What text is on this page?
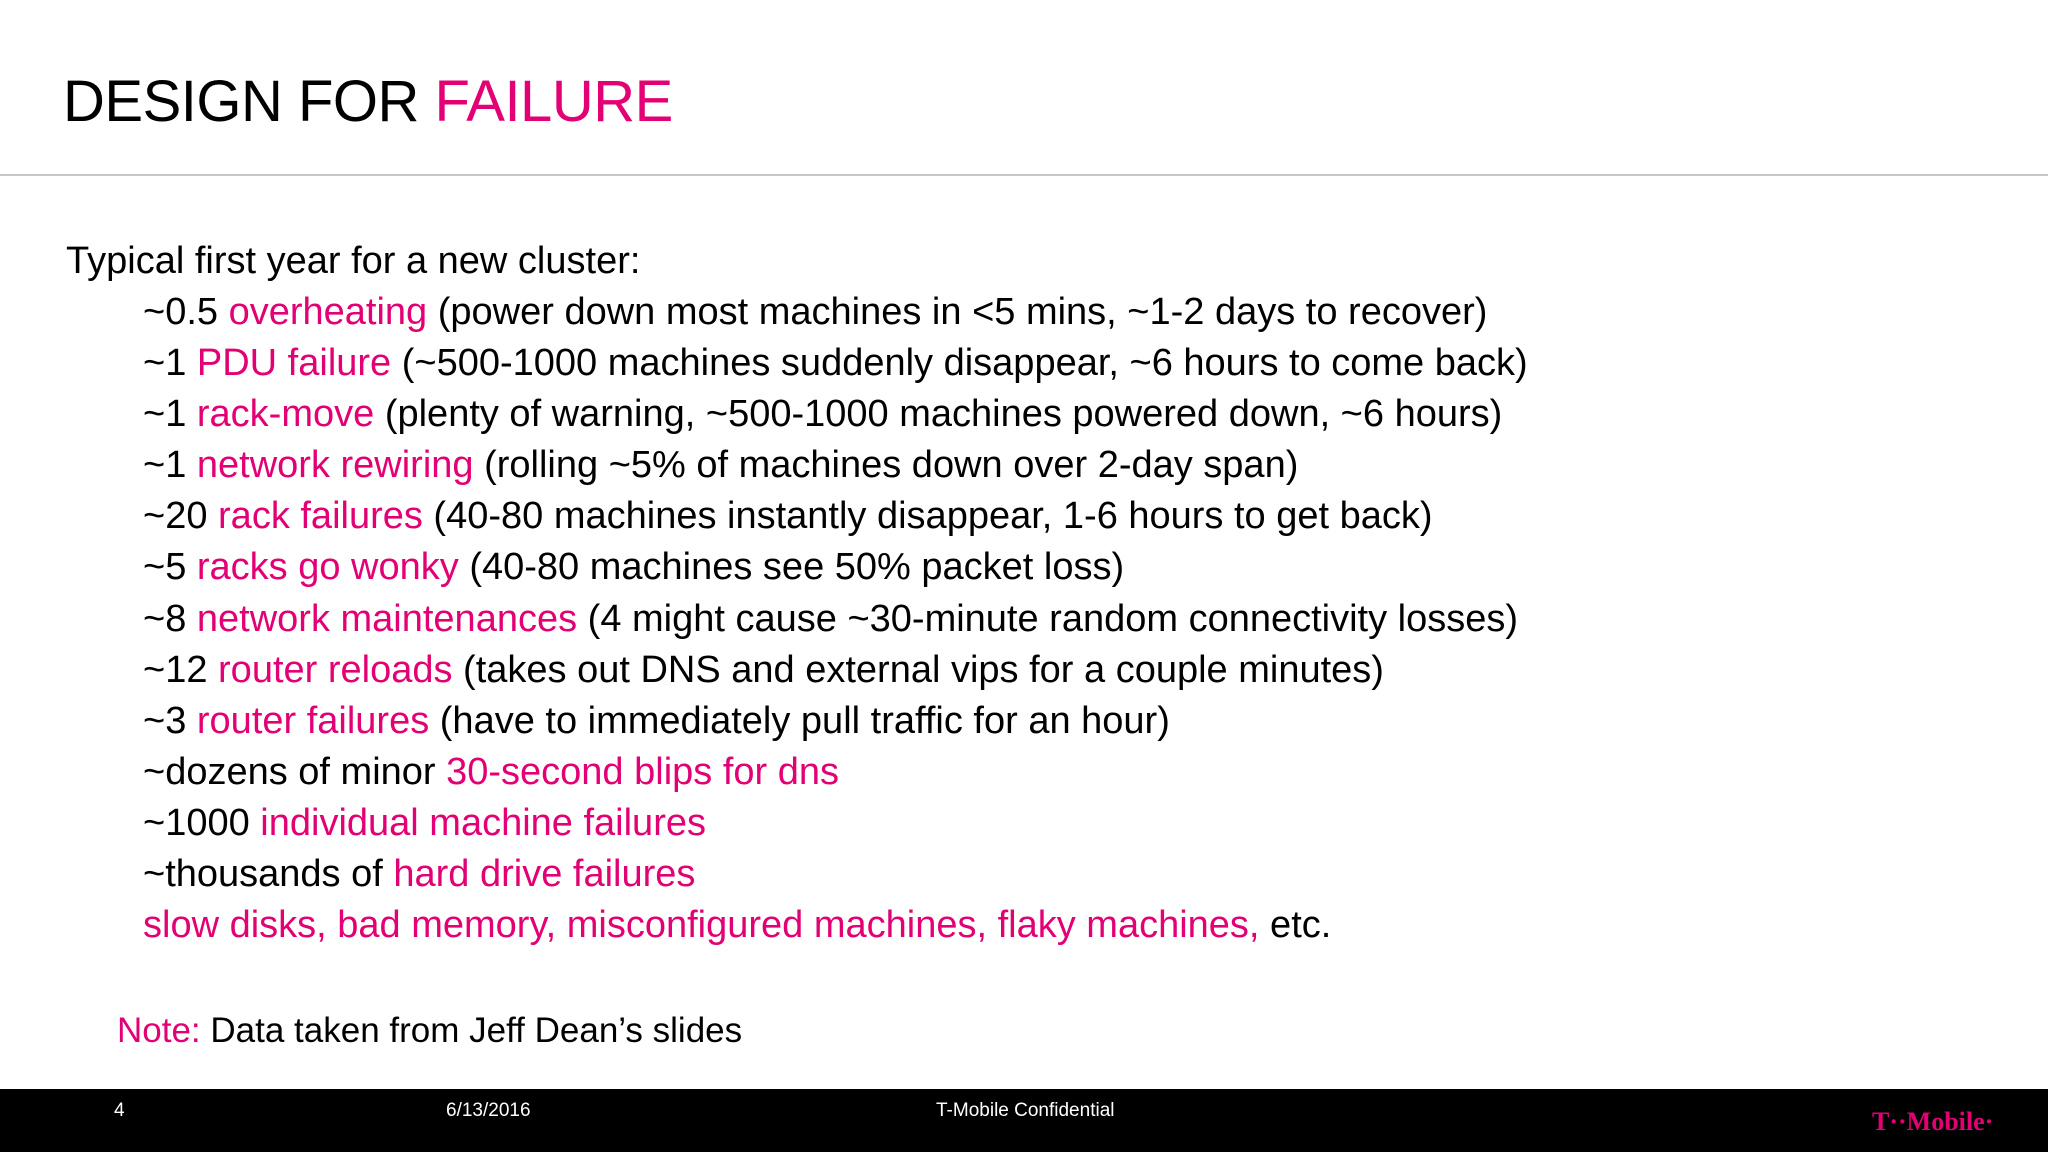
DESIGN FOR FAILURE
Typical first year for a new cluster:
~0.5 overheating (power down most machines in <5 mins, ~1-2 days to recover)
~1 PDU failure (~500-1000 machines suddenly disappear, ~6 hours to come back)
~1 rack-move (plenty of warning, ~500-1000 machines powered down, ~6 hours)
~1 network rewiring (rolling ~5% of machines down over 2-day span)
~20 rack failures (40-80 machines instantly disappear, 1-6 hours to get back)
~5 racks go wonky (40-80 machines see 50% packet loss)
~8 network maintenances (4 might cause ~30-minute random connectivity losses)
~12 router reloads (takes out DNS and external vips for a couple minutes)
~3 router failures (have to immediately pull traffic for an hour)
~dozens of minor 30-second blips for dns
~1000 individual machine failures
~thousands of hard drive failures
slow disks, bad memory, misconfigured machines, flaky machines, etc.
Note: Data taken from Jeff Dean’s slides
4	6/13/2016	T-Mobile Confidential	T··Mobile·
